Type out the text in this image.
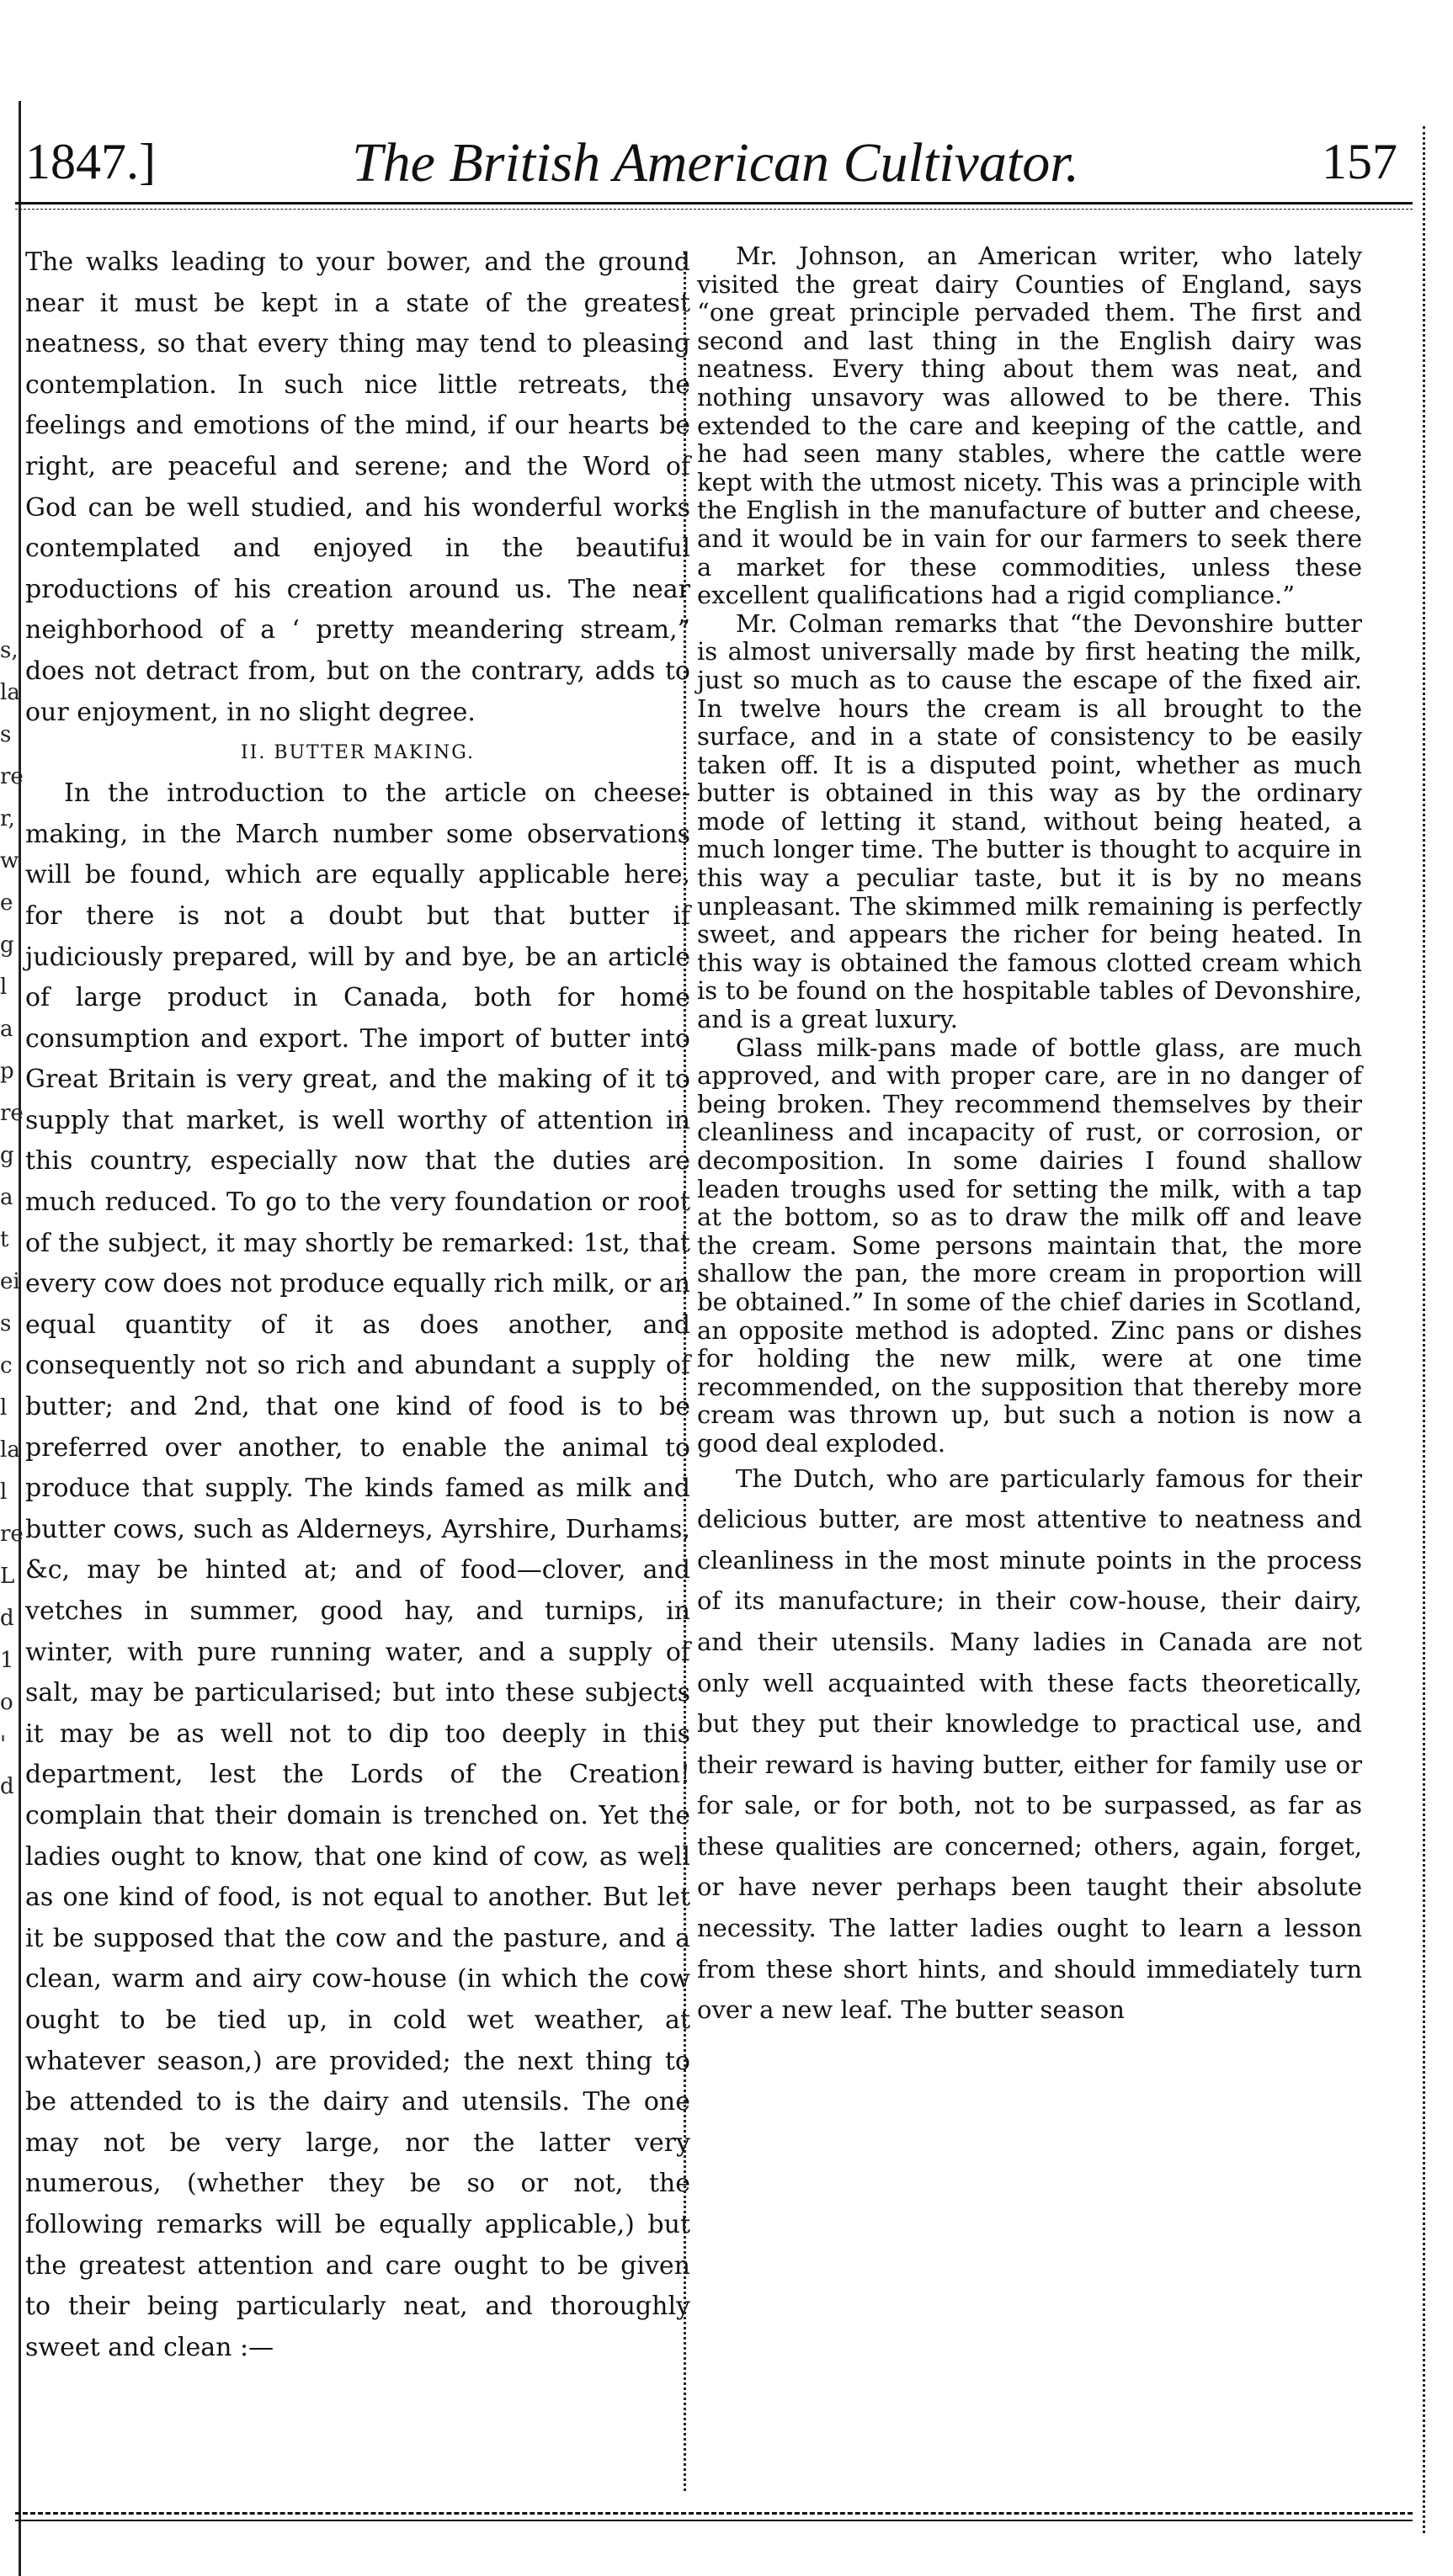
s,
la
s
re
r,
w
e
g
l
a
p
re
g
a
t
ei
s
c
l
la
l
re
L
d
1
o
'
d
1847.]	The British American Cultivator.	157

The walks leading to your bower, and the ground near it must be kept in a state of the greatest neatness, so that every thing may tend to pleasing contemplation. In such nice little retreats, the feelings and emotions of the mind, if our hearts be right, are peaceful and serene; and the Word of God can be well studied, and his wonderful works contemplated and enjoyed in the beautiful productions of his creation around us. The near neighborhood of a ‘ pretty meandering stream,” does not detract from, but on the contrary, adds to our enjoyment, in no slight degree.

II. BUTTER MAKING.

In the introduction to the article on cheese-making, in the March number some observations will be found, which are equally applicable here, for there is not a doubt but that butter if judiciously prepared, will by and bye, be an article of large product in Canada, both for home consumption and export. The import of butter into Great Britain is very great, and the making of it to supply that market, is well worthy of attention in this country, especially now that the duties are much reduced. To go to the very foundation or root of the subject, it may shortly be remarked: 1st, that every cow does not produce equally rich milk, or an equal quantity of it as does another, and consequently not so rich and abundant a supply of butter; and 2nd, that one kind of food is to be preferred over another, to enable the animal to produce that supply. The kinds famed as milk and butter cows, such as Alderneys, Ayrshire, Durhams, &c, may be hinted at; and of food—clover, and vetches in summer, good hay, and turnips, in winter, with pure running water, and a supply of salt, may be particularised; but into these subjects it may be as well not to dip too deeply in this department, lest the Lords of the Creation! complain that their domain is trenched on. Yet the ladies ought to know, that one kind of cow, as well as one kind of food, is not equal to another. But let it be supposed that the cow and the pasture, and a clean, warm and airy cow-house (in which the cow ought to be tied up, in cold wet weather, at whatever season,) are provided; the next thing to be attended to is the dairy and utensils. The one may not be very large, nor the latter very numerous, (whether they be so or not, the following remarks will be equally applicable,) but the greatest attention and care ought to be given to their being particularly neat, and thoroughly sweet and clean :—

Mr. Johnson, an American writer, who lately visited the great dairy Counties of England, says “one great principle pervaded them. The first and second and last thing in the English dairy was neatness. Every thing about them was neat, and nothing unsavory was allowed to be there. This extended to the care and keeping of the cattle, and he had seen many stables, where the cattle were kept with the utmost nicety. This was a principle with the English in the manufacture of butter and cheese, and it would be in vain for our farmers to seek there a market for these commodities, unless these excellent qualifications had a rigid compliance.”

Mr. Colman remarks that “the Devonshire butter is almost universally made by first heating the milk, just so much as to cause the escape of the fixed air. In twelve hours the cream is all brought to the surface, and in a state of consistency to be easily taken off. It is a disputed point, whether as much butter is obtained in this way as by the ordinary mode of letting it stand, without being heated, a much longer time. The butter is thought to acquire in this way a peculiar taste, but it is by no means unpleasant. The skimmed milk remaining is perfectly sweet, and appears the richer for being heated. In this way is obtained the famous clotted cream which is to be found on the hospitable tables of Devonshire, and is a great luxury.

Glass milk-pans made of bottle glass, are much approved, and with proper care, are in no danger of being broken. They recommend themselves by their cleanliness and incapacity of rust, or corrosion, or decomposition. In some dairies I found shallow leaden troughs used for setting the milk, with a tap at the bottom, so as to draw the milk off and leave the cream. Some persons maintain that, the more shallow the pan, the more cream in proportion will be obtained.” In some of the chief daries in Scotland, an opposite method is adopted. Zinc pans or dishes for holding the new milk, were at one time recommended, on the supposition that thereby more cream was thrown up, but such a notion is now a good deal exploded.

The Dutch, who are particularly famous for their delicious butter, are most attentive to neatness and cleanliness in the most minute points in the process of its manufacture; in their cow-house, their dairy, and their utensils. Many ladies in Canada are not only well acquainted with these facts theoretically, but they put their knowledge to practical use, and their reward is having butter, either for family use or for sale, or for both, not to be surpassed, as far as these qualities are concerned; others, again, forget, or have never perhaps been taught their absolute necessity. The latter ladies ought to learn a lesson from these short hints, and should immediately turn over a new leaf. The butter season
